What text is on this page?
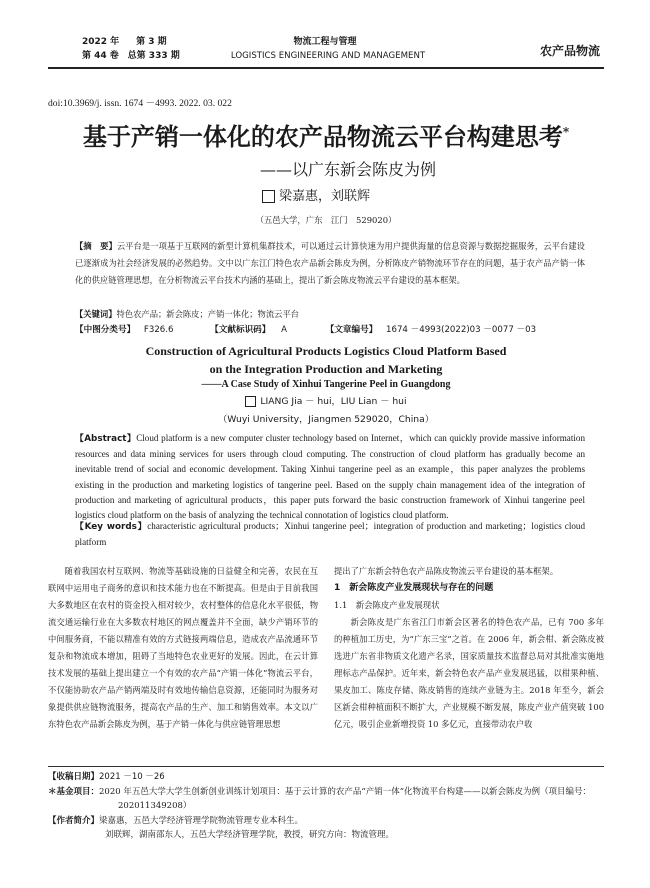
2022 年 第 3 期
第 44 卷 总第 333 期
物流工程与管理
LOGISTICS ENGINEERING AND MANAGEMENT	农产品物流
doi:10.3969/j. issn. 1674 －4993. 2022. 03. 022
基于产销一体化的农产品物流云平台构建思考*
——以广东新会陈皮为例
梁嘉惠，刘联辉
（五邑大学，广东　江门　529020）
【摘　要】云平台是一项基于互联网的新型计算机集群技术，可以通过云计算快速为用户提供海量的信息资源与数据挖掘服务，云平台建设已逐渐成为社会经济发展的必然趋势。文中以广东江门特色农产品新会陈皮为例，分析陈皮产销物流环节存在的问题，基于农产品产销一体化的供应链管理思想，在分析物流云平台技术内涵的基础上，提出了新会陈皮物流云平台建设的基本框架。
【关键词】特色农产品；新会陈皮；产销一体化；物流云平台
【中图分类号】 F326.6	【文献标识码】 A	【文章编号】 1674 －4993(2022)03 －0077 －03
Construction of Agricultural Products Logistics Cloud Platform Based
on the Integration Production and Marketing
——A Case Study of Xinhui Tangerine Peel in Guangdong
LIANG Jia － hui，LIU Lian － hui
（Wuyi University，Jiangmen 529020，China）
【Abstract】Cloud platform is a new computer cluster technology based on Internet，which can quickly provide massive information resources and data mining services for users through cloud computing. The construction of cloud platform has gradually become an inevitable trend of social and economic development. Taking Xinhui tangerine peel as an example，this paper analyzes the problems existing in the production and marketing logistics of tangerine peel. Based on the supply chain management idea of the integration of production and marketing of agricultural products，this paper puts forward the basic construction framework of Xinhui tangerine peel logistics cloud platform on the basis of analyzing the technical connotation of logistics cloud platform.
【Key words】characteristic agricultural products；Xinhui tangerine peel；integration of production and marketing；logistics cloud platform

随着我国农村互联网、物流等基础设施的日益健全和完善，农民在互联网中运用电子商务的意识和技术能力也在不断提高。但是由于目前我国大多数地区在农村的资金投入相对较少，农村整体的信息化水平很低，物流交通运输行业在大多数农村地区的网点覆盖并不全面，缺少产销环节的中间服务商，不能以精准有效的方式链接两端信息，造成农产品流通环节复杂和物流成本增加，阻碍了当地特色农业更好的发展。因此，在云计算技术发展的基础上提出建立一个有效的农产品“产销一体化”物流云平台，不仅能协助农产品产销两端及时有效地传输信息资源，还能同时为服务对象提供供应链物流服务，提高农产品的生产、加工和销售效率。本文以广东特色农产品新会陈皮为例，基于产销一体化与供应链管理思想

提出了广东新会特色农产品陈皮物流云平台建设的基本框架。

1　新会陈皮产业发展现状与存在的问题
1.1　新会陈皮产业发展现状

新会陈皮是广东省江门市新会区著名的特色农产品，已有 700 多年的种植加工历史，为“广东三宝”之首。在 2006 年，新会柑、新会陈皮被选进广东省非物质文化遗产名录，国家质量技术监督总局对其批准实施地理标志产品保护。近年来，新会特色农产品产业发展迅猛，以柑果种植、果皮加工、陈皮存储、陈皮销售的连续产业链为主。2018 年至今，新会区新会柑种植面积不断扩大，产业规模不断发展，陈皮产业产值突破 100 亿元，吸引企业新增投资 10 多亿元，直接带动农户收

【收稿日期】2021 －10 －26
＊基金项目：2020 年五邑大学大学生创新创业训练计划项目：基于云计算的农产品“产销一体”化物流平台构建——以新会陈皮为例（项目编号：202011349208）
【作者简介】梁嘉惠，五邑大学经济管理学院物流管理专业本科生。
刘联辉，湖南邵东人，五邑大学经济管理学院，教授，研究方向：物流管理。
